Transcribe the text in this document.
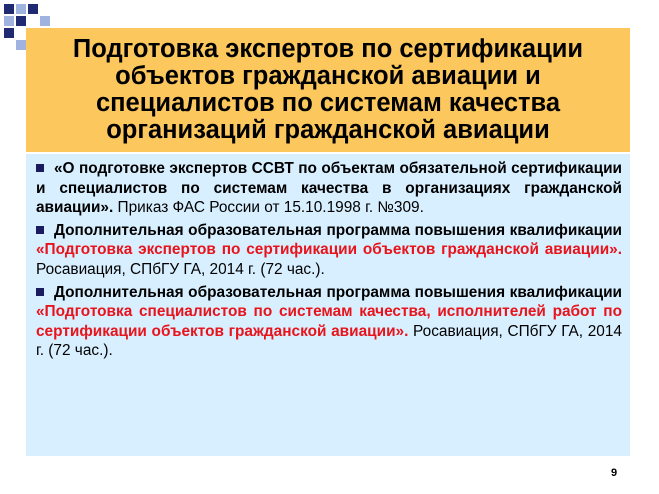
Подготовка экспертов по сертификации объектов гражданской авиации и специалистов по системам качества организаций гражданской авиации
«О подготовке экспертов ССВТ по объектам обязательной сертификации и специалистов по системам качества в организациях гражданской авиации». Приказ ФАС России от 15.10.1998 г. №309.
Дополнительная образовательная программа повышения квалификации «Подготовка экспертов по сертификации объектов гражданской авиации». Росавиация, СПбГУ ГА, 2014 г. (72 час.).
Дополнительная образовательная программа повышения квалификации «Подготовка специалистов по системам качества, исполнителей работ по сертификации объектов гражданской авиации». Росавиация, СПбГУ ГА, 2014 г. (72 час.).
9
